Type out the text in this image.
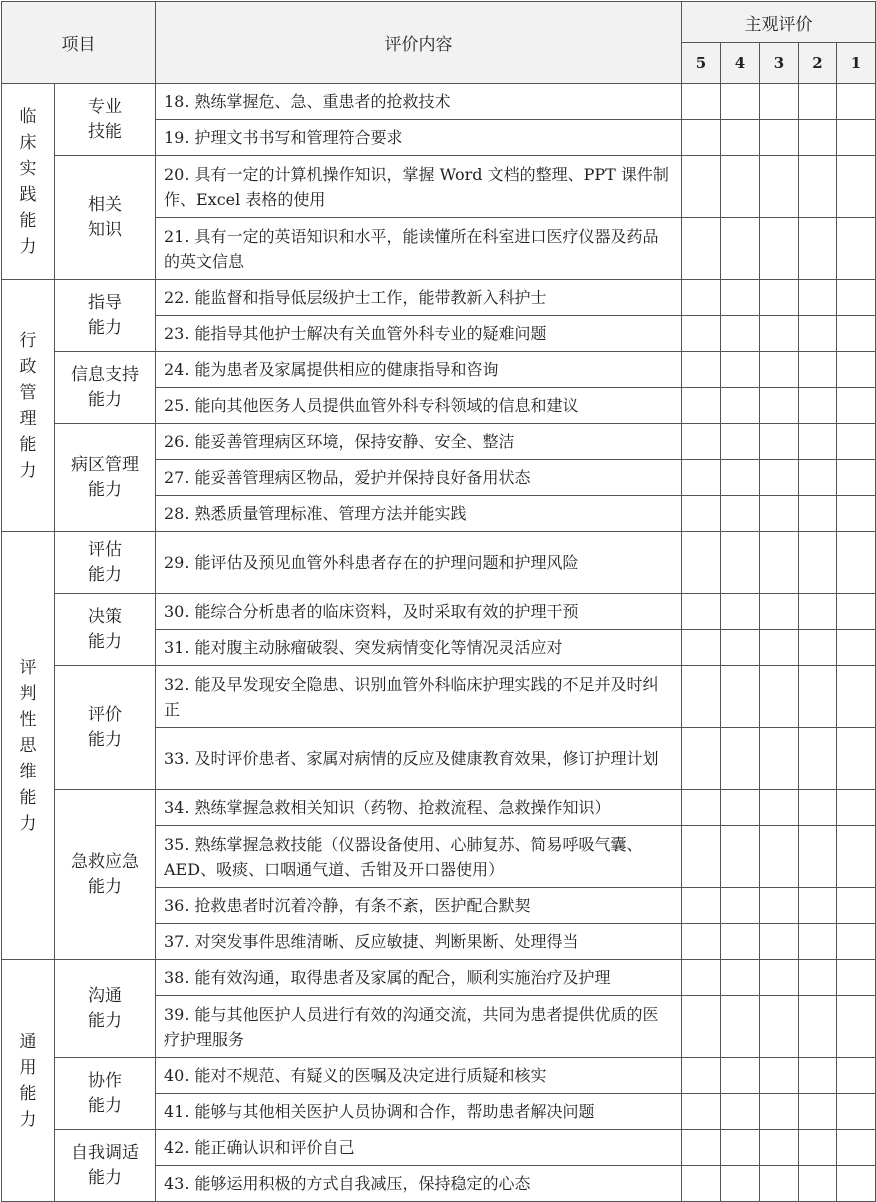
项目		评价内容	主观评价				
			5	4	3	2	1

临床实践能力	专业技能	18. 熟练掌握危、急、重患者的抢救技术					
		19. 护理文书书写和管理符合要求					

	相关知识	20. 具有一定的计算机操作知识，掌握 Word 文档的整理、PPT 课件制作、Excel 表格的使用					
		21. 具有一定的英语知识和水平，能读懂所在科室进口医疗仪器及药品的英文信息					

行政管理能力	指导能力	22. 能监督和指导低层级护士工作，能带教新入科护士					
		23. 能指导其他护士解决有关血管外科专业的疑难问题					

	信息支持能力	24. 能为患者及家属提供相应的健康指导和咨询					
		25. 能向其他医务人员提供血管外科专科领域的信息和建议					

	病区管理能力	26. 能妥善管理病区环境，保持安静、安全、整洁					
		27. 能妥善管理病区物品，爱护并保持良好备用状态					
		28. 熟悉质量管理标准、管理方法并能实践					

评判性思维能力	评估能力	29. 能评估及预见血管外科患者存在的护理问题和护理风险					

	决策能力	30. 能综合分析患者的临床资料，及时采取有效的护理干预					
		31. 能对腹主动脉瘤破裂、突发病情变化等情况灵活应对					

	评价能力	32. 能及早发现安全隐患、识别血管外科临床护理实践的不足并及时纠正					
		33. 及时评价患者、家属对病情的反应及健康教育效果，修订护理计划					

	急救应急能力	34. 熟练掌握急救相关知识（药物、抢救流程、急救操作知识）					
		35. 熟练掌握急救技能（仪器设备使用、心肺复苏、简易呼吸气囊、AED、吸痰、口咽通气道、舌钳及开口器使用）					
		36. 抢救患者时沉着冷静，有条不紊，医护配合默契					
		37. 对突发事件思维清晰、反应敏捷、判断果断、处理得当					

通用能力	沟通能力	38. 能有效沟通，取得患者及家属的配合，顺利实施治疗及护理					
		39. 能与其他医护人员进行有效的沟通交流，共同为患者提供优质的医疗护理服务					

	协作能力	40. 能对不规范、有疑义的医嘱及决定进行质疑和核实					
		41. 能够与其他相关医护人员协调和合作，帮助患者解决问题					

	自我调适能力	42. 能正确认识和评价自己					
		43. 能够运用积极的方式自我减压，保持稳定的心态					
